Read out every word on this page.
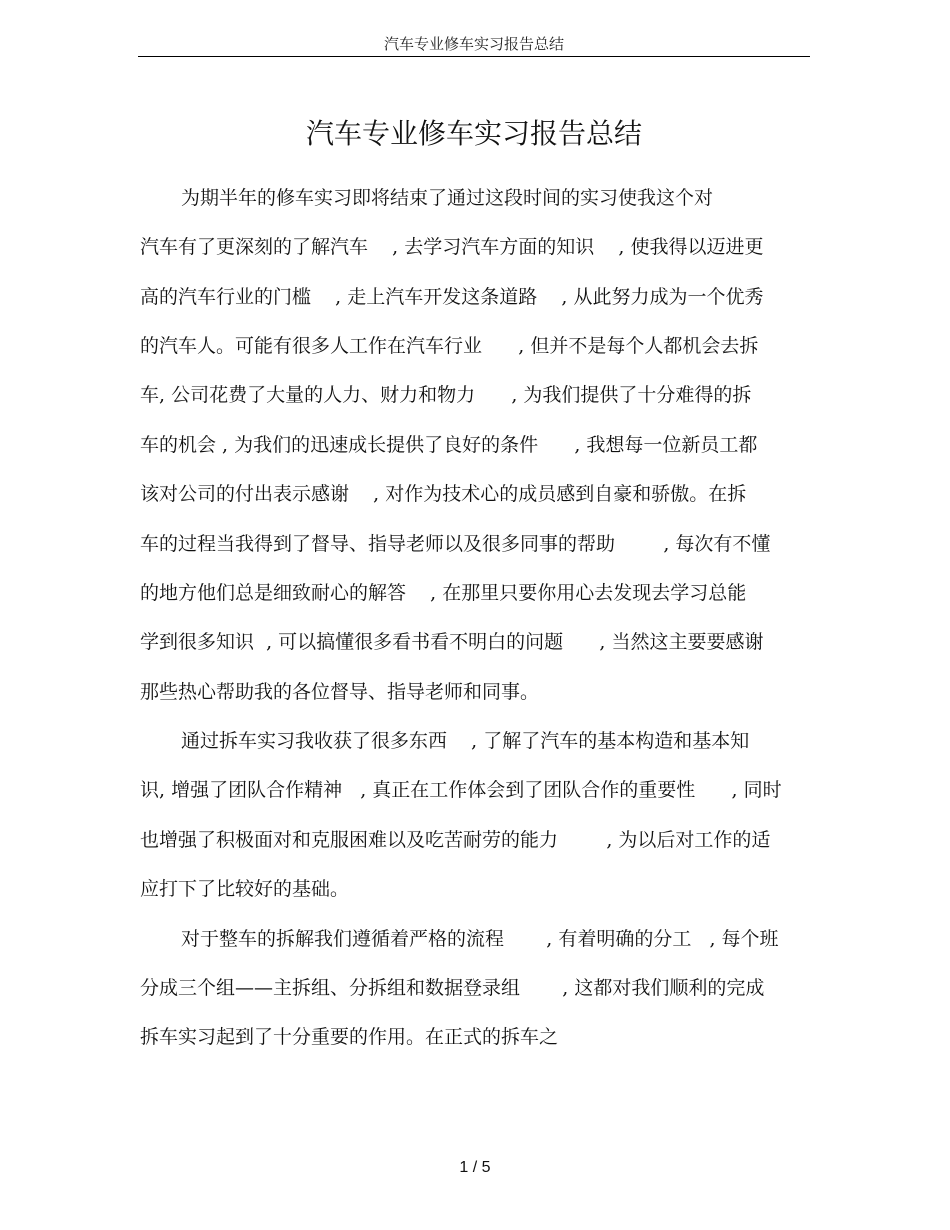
汽车专业修车实习报告总结
汽车专业修车实习报告总结
为期半年的修车实习即将结束了通过这段时间的实习使我这个对
汽车有了更深刻的了解汽车    , 去学习汽车方面的知识    , 使我得以迈进更
高的汽车行业的门槛    , 走上汽车开发这条道路    , 从此努力成为一个优秀
的汽车人。可能有很多人工作在汽车行业      , 但并不是每个人都机会去拆
车, 公司花费了大量的人力、财力和物力      , 为我们提供了十分难得的拆
车的机会 , 为我们的迅速成长提供了良好的条件      , 我想每一位新员工都
该对公司的付出表示感谢    , 对作为技术心的成员感到自豪和骄傲。在拆
车的过程当我得到了督导、指导老师以及很多同事的帮助        , 每次有不懂
的地方他们总是细致耐心的解答    , 在那里只要你用心去发现去学习总能
学到很多知识  , 可以搞懂很多看书看不明白的问题      , 当然这主要要感谢
那些热心帮助我的各位督导、指导老师和同事。
通过拆车实习我收获了很多东西    , 了解了汽车的基本构造和基本知
识, 增强了团队合作精神   , 真正在工作体会到了团队合作的重要性      , 同时
也增强了积极面对和克服困难以及吃苦耐劳的能力        , 为以后对工作的适
应打下了比较好的基础。
对于整车的拆解我们遵循着严格的流程       , 有着明确的分工   , 每个班
分成三个组——主拆组、分拆组和数据登录组       , 这都对我们顺利的完成
拆车实习起到了十分重要的作用。在正式的拆车之
1 / 5
